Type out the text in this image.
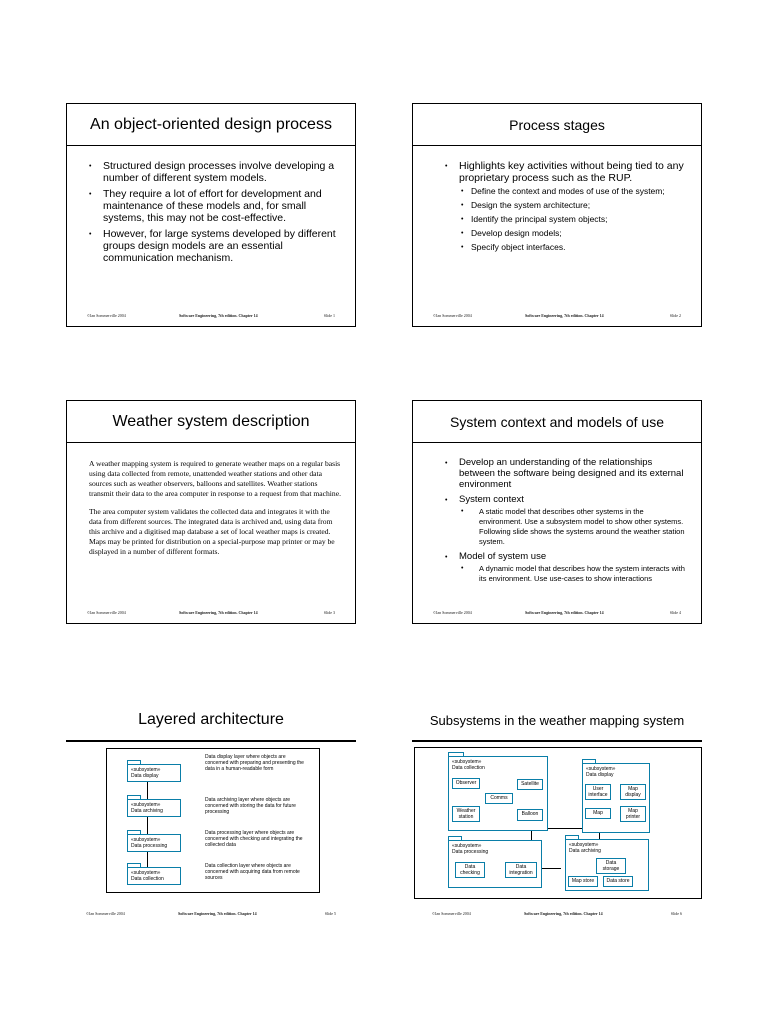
An object-oriented design process
• Structured design processes involve developing a number of different system models.
• They require a lot of effort for development and maintenance of these models and, for small systems, this may not be cost-effective.
• However, for large systems developed by different groups design models are an essential communication mechanism.
©Ian Sommerville 2004	Software Engineering, 7th edition. Chapter 14	Slide 1
Process stages
• Highlights key activities without being tied to any proprietary process such as the RUP.
• Define the context and modes of use of the system;
• Design the system architecture;
• Identify the principal system objects;
• Develop design models;
• Specify object interfaces.
©Ian Sommerville 2004	Software Engineering, 7th edition. Chapter 14	Slide 2
Weather system description

A weather mapping system is required to generate weather maps on a regular basis using data collected from remote, unattended weather stations and other data sources such as weather observers, balloons and satellites. Weather stations transmit their data to the area computer in response to a request from that machine.

The area computer system validates the collected data and integrates it with the data from different sources. The integrated data is archived and, using data from this archive and a digitised map database a set of local weather maps is created. Maps may be printed for distribution on a special-purpose map printer or may be displayed in a number of different formats.

©Ian Sommerville 2004	Software Engineering, 7th edition. Chapter 14	Slide 3
System context and models of use
• Develop an understanding of the relationships between the software being designed and its external environment
• System context
• A static model that describes other systems in the environment. Use a subsystem model to show other systems. Following slide shows the systems around the weather station system.
• Model of system use
• A dynamic model that describes how the system interacts with its environment. Use use-cases to show interactions
©Ian Sommerville 2004	Software Engineering, 7th edition. Chapter 14	Slide 4
Layered architecture
«subsystem»
Data display
Data display layer where objects are concerned with preparing and presenting the data in a human-readable form
«subsystem»
Data archiving
Data archiving layer where objects are concerned with storing the data for future processing
«subsystem»
Data processing
Data processing layer where objects are concerned with checking and integrating the collected data
«subsystem»
Data collection
Data collection layer where objects are concerned with acquiring data from remote sources
©Ian Sommerville 2004	Software Engineering, 7th edition. Chapter 14	Slide 5
Subsystems in the weather mapping system
«subsystem»
Data collection
Observer	Satellite
Comms
Weather station	Balloon
«subsystem»
Data display
User interface
Map display
Map	Map printer
«subsystem»
Data processing
Data checking
Data integration
«subsystem»
Data archiving
Data storage
Map store	Data store
©Ian Sommerville 2004	Software Engineering, 7th edition. Chapter 14	Slide 6
